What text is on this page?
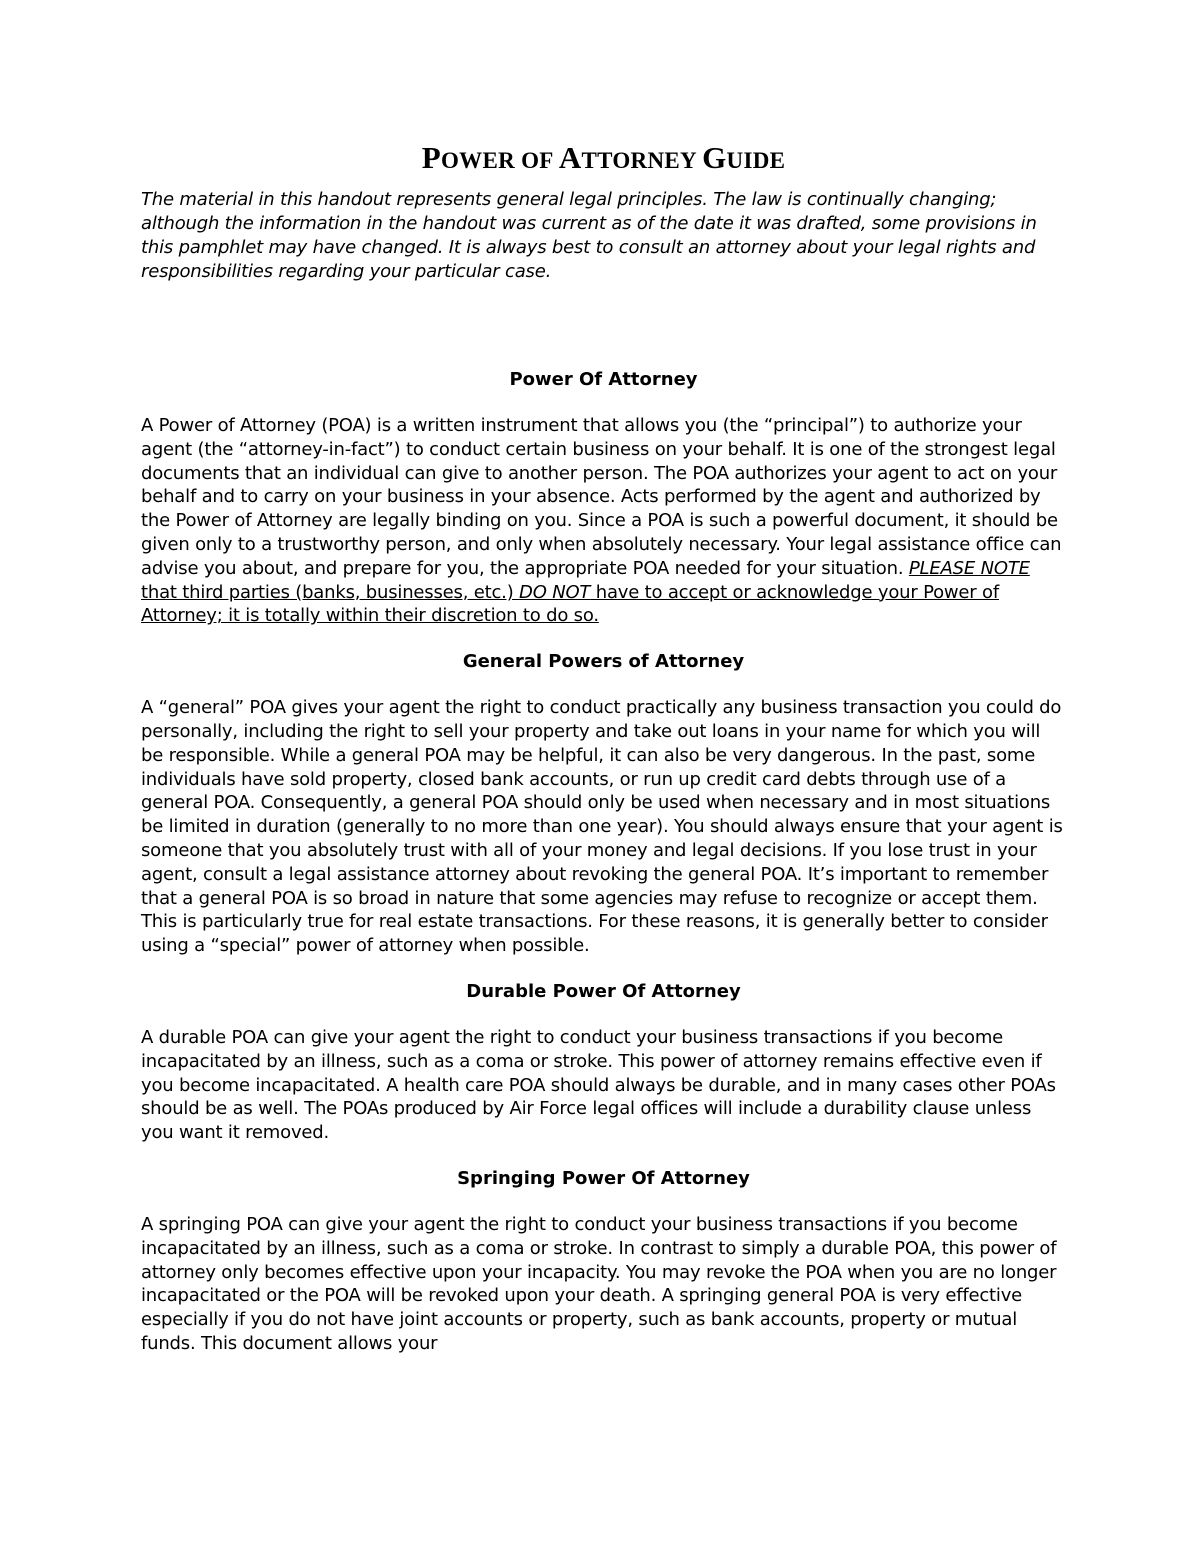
POWER OF ATTORNEY GUIDE

The material in this handout represents general legal principles. The law is continually changing; although the information in the handout was current as of the date it was drafted, some provisions in this pamphlet may have changed. It is always best to consult an attorney about your legal rights and responsibilities regarding your particular case.

Power Of Attorney

A Power of Attorney (POA) is a written instrument that allows you (the “principal”) to authorize your agent (the “attorney-in-fact”) to conduct certain business on your behalf. It is one of the strongest legal documents that an individual can give to another person. The POA authorizes your agent to act on your behalf and to carry on your business in your absence. Acts performed by the agent and authorized by the Power of Attorney are legally binding on you. Since a POA is such a powerful document, it should be given only to a trustworthy person, and only when absolutely necessary. Your legal assistance office can advise you about, and prepare for you, the appropriate POA needed for your situation. PLEASE NOTE that third parties (banks, businesses, etc.) DO NOT have to accept or acknowledge your Power of Attorney; it is totally within their discretion to do so.

General Powers of Attorney

A “general” POA gives your agent the right to conduct practically any business transaction you could do personally, including the right to sell your property and take out loans in your name for which you will be responsible. While a general POA may be helpful, it can also be very dangerous. In the past, some individuals have sold property, closed bank accounts, or run up credit card debts through use of a general POA. Consequently, a general POA should only be used when necessary and in most situations be limited in duration (generally to no more than one year). You should always ensure that your agent is someone that you absolutely trust with all of your money and legal decisions. If you lose trust in your agent, consult a legal assistance attorney about revoking the general POA. It’s important to remember that a general POA is so broad in nature that some agencies may refuse to recognize or accept them. This is particularly true for real estate transactions. For these reasons, it is generally better to consider using a “special” power of attorney when possible.

Durable Power Of Attorney

A durable POA can give your agent the right to conduct your business transactions if you become incapacitated by an illness, such as a coma or stroke. This power of attorney remains effective even if you become incapacitated. A health care POA should always be durable, and in many cases other POAs should be as well. The POAs produced by Air Force legal offices will include a durability clause unless you want it removed.

Springing Power Of Attorney

A springing POA can give your agent the right to conduct your business transactions if you become incapacitated by an illness, such as a coma or stroke. In contrast to simply a durable POA, this power of attorney only becomes effective upon your incapacity. You may revoke the POA when you are no longer incapacitated or the POA will be revoked upon your death. A springing general POA is very effective especially if you do not have joint accounts or property, such as bank accounts, property or mutual funds. This document allows your
